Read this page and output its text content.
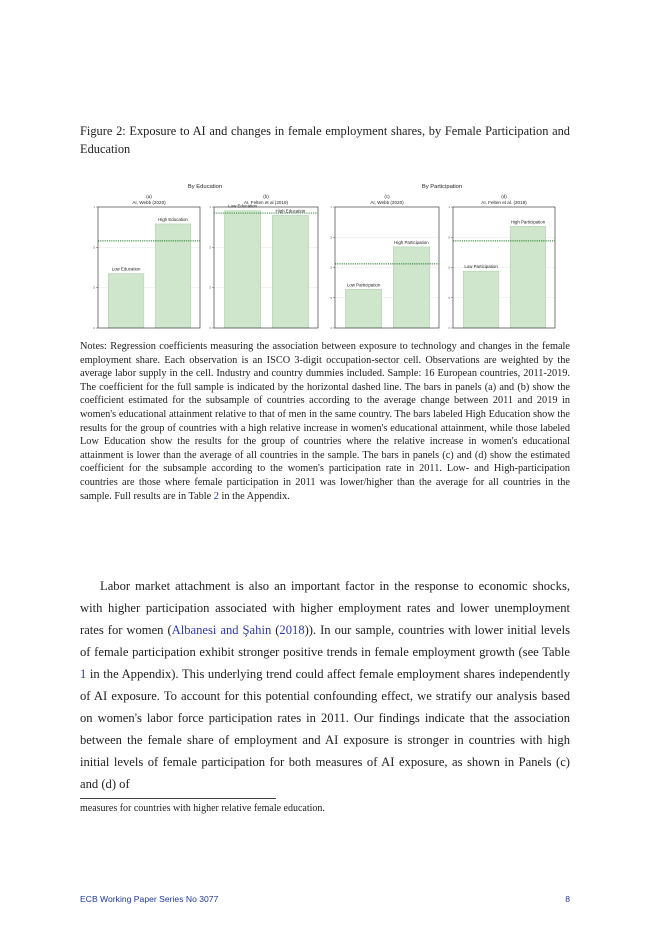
Figure 2: Exposure to AI and changes in female employment shares, by Female Participation and Education
By Education	By Participation
(a)
AI, Webb (2020)
0
.5
.5
1
Low Education
High Education
(b)
AI, Felten et al (2019)
0
.5
.5
1	Low Education
High Education
(c)
AI, Webb (2020)
0
.5
.5
.5
1
Low Participation
High Participation
(d)
AI, Felten et al. (2019)
0
.5
.5
.5
1
Low Participation
High Participation
Notes: Regression coefficients measuring the association between exposure to technology and changes in the female employment share. Each observation is an ISCO 3-digit occupation-sector cell. Observations are weighted by the average labor supply in the cell. Industry and country dummies included. Sample: 16 European countries, 2011-2019. The coefficient for the full sample is indicated by the horizontal dashed line. The bars in panels (a) and (b) show the coefficient estimated for the subsample of countries according to the average change between 2011 and 2019 in women's educational attainment relative to that of men in the same country. The bars labeled High Education show the results for the group of countries with a high relative increase in women's educational attainment, while those labeled Low Education show the results for the group of countries where the relative increase in women's educational attainment is lower than the average of all countries in the sample. The bars in panels (c) and (d) show the estimated coefficient for the subsample according to the women's participation rate in 2011. Low- and High-participation countries are those where female participation in 2011 was lower/higher than the average for all countries in the sample. Full results are in Table 2 in the Appendix.
Labor market attachment is also an important factor in the response to economic shocks, with higher participation associated with higher employment rates and lower unemployment rates for women (Albanesi and Şahin (2018)). In our sample, countries with lower initial levels of female participation exhibit stronger positive trends in female employment growth (see Table 1 in the Appendix). This underlying trend could affect female employment shares independently of AI exposure. To account for this potential confounding effect, we stratify our analysis based on women's labor force participation rates in 2011. Our findings indicate that the association between the female share of employment and AI exposure is stronger in countries with high initial levels of female participation for both measures of AI exposure, as shown in Panels (c) and (d) of
measures for countries with higher relative female education.
ECB Working Paper Series No 3077	8
